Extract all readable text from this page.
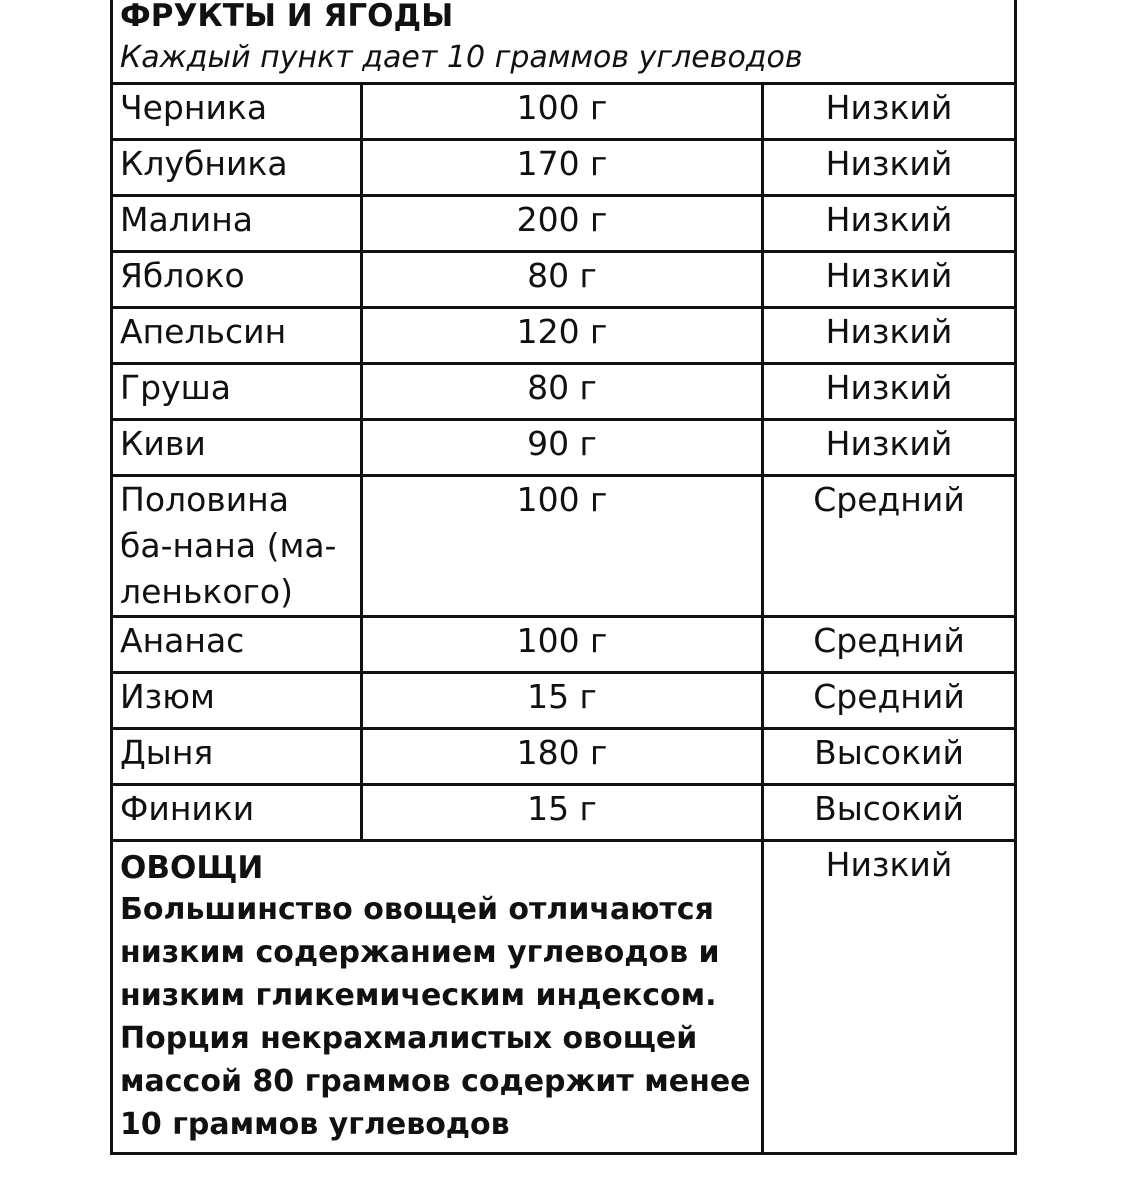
ФРУКТЫ И ЯГОДЫ
Каждый пункт дает 10 граммов углеводов		

Черника	100 г	Низкий

Клубника	170 г	Низкий

Малина	200 г	Низкий

Яблоко	80 г	Низкий

Апельсин	120 г	Низкий

Груша	80 г	Низкий

Киви	90 г	Низкий

Половина ба-нана (ма-ленького)	100 г	Средний

Ананас	100 г	Средний

Изюм	15 г	Средний

Дыня	180 г	Высокий

Финики	15 г	Высокий

ОВОЩИ
Большинство овощей отличаются низким содержанием углеводов и низким гликемическим индексом. Порция некрахмалистых овощей массой 80 граммов содержит менее 10 граммов углеводов		Низкий
